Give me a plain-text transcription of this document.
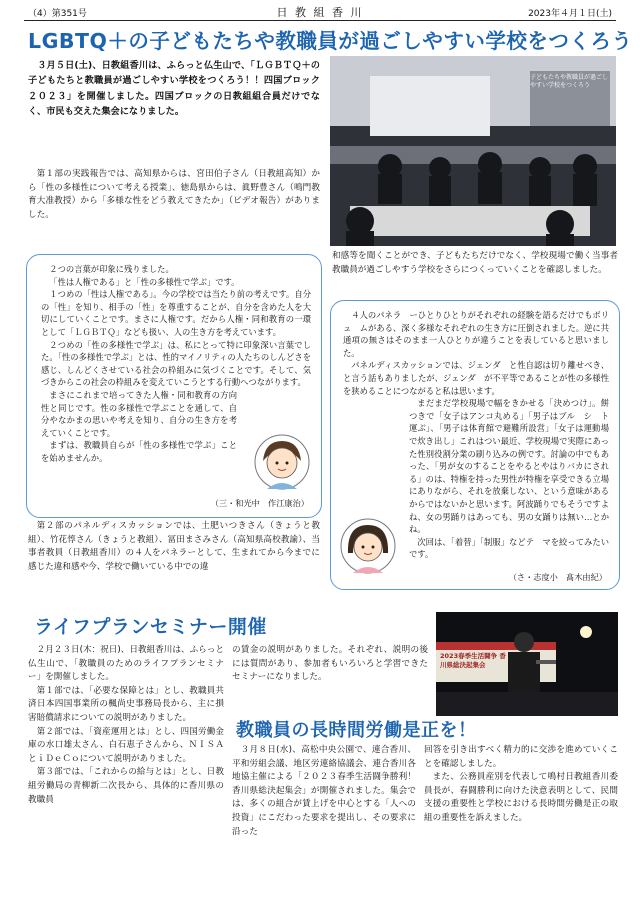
（4）第351号	日 教 組 香 川	2023年４月１日(土)
LGBTQ＋の子どもたちや教職員が過ごしやすい学校をつくろう

３月５日(土)、日教組香川は、ふらっと仏生山で、「ＬＧＢＴＱ＋の子どもたちと教職員が過ごしやすい学校をつくろう！！四国ブロック２０２３」を開催しました。四国ブロックの日教組組合員だけでなく、市民も交えた集会になりました。

第１部の実践報告では、高知県からは、宮田伯子さん（日教組高知）から「性の多様性について考える授業」、徳島県からは、眞野豊さん（鳴門教育大准教授）から「多様な性をどう教えてきたか」（ビデオ報告）がありました。

子どもたちや教職員が過ごしやすい学校をつくろう

２つの言葉が印象に残りました。

「性は人権である」と「性の多様性で学ぶ」です。

１つめの「性は人権である」。今の学校では当たり前の考えです。自分の「性」を知り、相手の「性」を尊重することが、自分を含めた人を大切にしていくことです。まさに人権です。だから人権・同和教育の一環として「ＬＧＢＴＱ」なども扱い、人の生き方を考えています。

２つめの「性の多様性で学ぶ」は、私にとって特に印象深い言葉でした。「性の多様性で学ぶ」とは、性的マイノリティの人たちのしんどさを感じ、しんどくさせている社会の枠組みに気づくことです。そして、気づきからこの社会の枠組みを変えていこうとする行動へつながります。

まさにこれまで培ってきた人権・同和教育の方向性と同じです。性の多様性で学ぶことを通して、自分やなかまの思いや考えを知り、自分の生き方を考えていくことです。

まずは、教職員自らが「性の多様性で学ぶ」ことを始めませんか。

（三・和光中　作江康治）

第２部のパネルディスカッションでは、土肥いつきさん（きょうと教組）、竹花惇さん（きょうと教組）、冨田まさみさん（高知県高校教諭）、当事者教員（日教組香川）の４人をパネラーとして、生まれてから今までに感じた違和感や今、学校で働いている中での違

和感等を聞くことができ、子どもたちだけでなく、学校現場で働く当事者教職員が過ごしやすう学校をさらにつくっていくことを確認しました。

４人のパネラ　ーひとりひとりがそれぞれの経験を語るだけでもボリュ　ムがある、深く多様なそれぞれの生き方に圧倒されました。逆に共通項の無さはそのまま一人ひとりが違うことを表していると思いました。

パネルディスカッションでは、ジェンダ　と性自認は切り離せべき、と言う話もありましたが、ジェンダ　が不平等であることが性の多様性を狭めることにつながると私は思います。

まだまだ学校現場で幅をきかせる「決めつけ」。餅つきで「女子はアンコ丸める」「男子はブル　シ　ト運ぶ」、「男子は体育館で避難所設営」「女子は運動場で炊き出し」これはつい最近、学校現場で実際にあった性別役割分業の刷り込みの例です。討論の中でもあった、「男が女のすることをやるとやはりバカにされる」のは、特権を持った男性が特権を享受できる立場にありながら、それを放棄しない、という意味があるからではないかと思います。阿波踊りでもそうですよね、女の男踊りはあっても、男の女踊りは無い…とかね。

次回は、「着替」「制服」などテ　マを絞ってみたいです。

（さ・志度小　髙木由紀）
ライフプランセミナー開催

２月２３日(木：祝日)、日教組香川は、ふらっと仏生山で、「教職員のためのライフプランセミナー」を開催しました。

第１部では、「必要な保障とは」とし、教職員共済日本四国事業所の楓尚史事務局長から、主に損害賠償請求についての説明がありました。

第２部では、「資産運用とは」とし、四国労働金庫の水口雄太さん、白石恵子さんから、ＮＩＳＡとｉＤｅＣｏについて説明がありました。

第３部では、「これからの給与とは」とし、日教組労働局の青柳新二次長から、具体的に香川県の教職員

の賃金の説明がありました。それぞれ、説明の後には質問があり、参加者もいろいろと学習できたセミナーになりました。

2023春季生活闘争 香川県総決起集会
教職員の長時間労働是正を！

３月８日(水)、高松中央公園で、連合香川、平和労組会議、地区労連絡協議会、連合香川各地協主催による「２０２３春季生活闘争勝利！香川県総決起集会」が開催されました。集会では、多くの組合が賃上げを中心とする「人への投資」にこだわった要求を提出し、その要求に沿った

回答を引き出すべく精力的に交渉を進めていくことを確認しました。

また、公務員産別を代表して鳴村日教組香川委員長が、春闘勝利に向けた決意表明として、民間支援の重要性と学校における長時間労働是正の取組の重要性を訴えました。
